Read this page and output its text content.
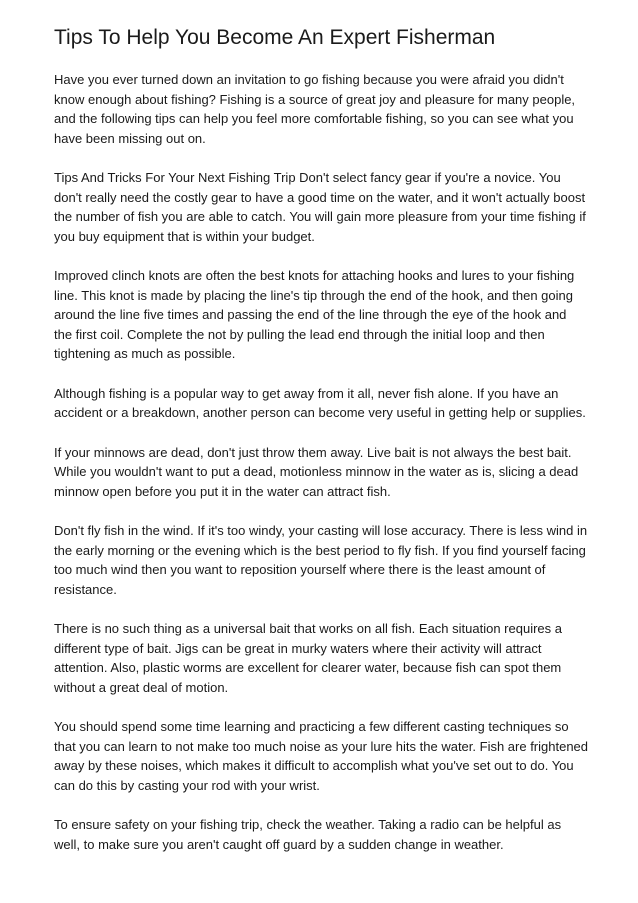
Tips To Help You Become An Expert Fisherman

Have you ever turned down an invitation to go fishing because you were afraid you didn't know enough about fishing? Fishing is a source of great joy and pleasure for many people, and the following tips can help you feel more comfortable fishing, so you can see what you have been missing out on.

Tips And Tricks For Your Next Fishing Trip Don't select fancy gear if you're a novice. You don't really need the costly gear to have a good time on the water, and it won't actually boost the number of fish you are able to catch. You will gain more pleasure from your time fishing if you buy equipment that is within your budget.

Improved clinch knots are often the best knots for attaching hooks and lures to your fishing line. This knot is made by placing the line's tip through the end of the hook, and then going around the line five times and passing the end of the line through the eye of the hook and the first coil. Complete the not by pulling the lead end through the initial loop and then tightening as much as possible.

Although fishing is a popular way to get away from it all, never fish alone. If you have an accident or a breakdown, another person can become very useful in getting help or supplies.

If your minnows are dead, don't just throw them away. Live bait is not always the best bait. While you wouldn't want to put a dead, motionless minnow in the water as is, slicing a dead minnow open before you put it in the water can attract fish.

Don't fly fish in the wind. If it's too windy, your casting will lose accuracy. There is less wind in the early morning or the evening which is the best period to fly fish. If you find yourself facing too much wind then you want to reposition yourself where there is the least amount of resistance.

There is no such thing as a universal bait that works on all fish. Each situation requires a different type of bait. Jigs can be great in murky waters where their activity will attract attention. Also, plastic worms are excellent for clearer water, because fish can spot them without a great deal of motion.

You should spend some time learning and practicing a few different casting techniques so that you can learn to not make too much noise as your lure hits the water. Fish are frightened away by these noises, which makes it difficult to accomplish what you've set out to do. You can do this by casting your rod with your wrist.

To ensure safety on your fishing trip, check the weather. Taking a radio can be helpful as well, to make sure you aren't caught off guard by a sudden change in weather.
